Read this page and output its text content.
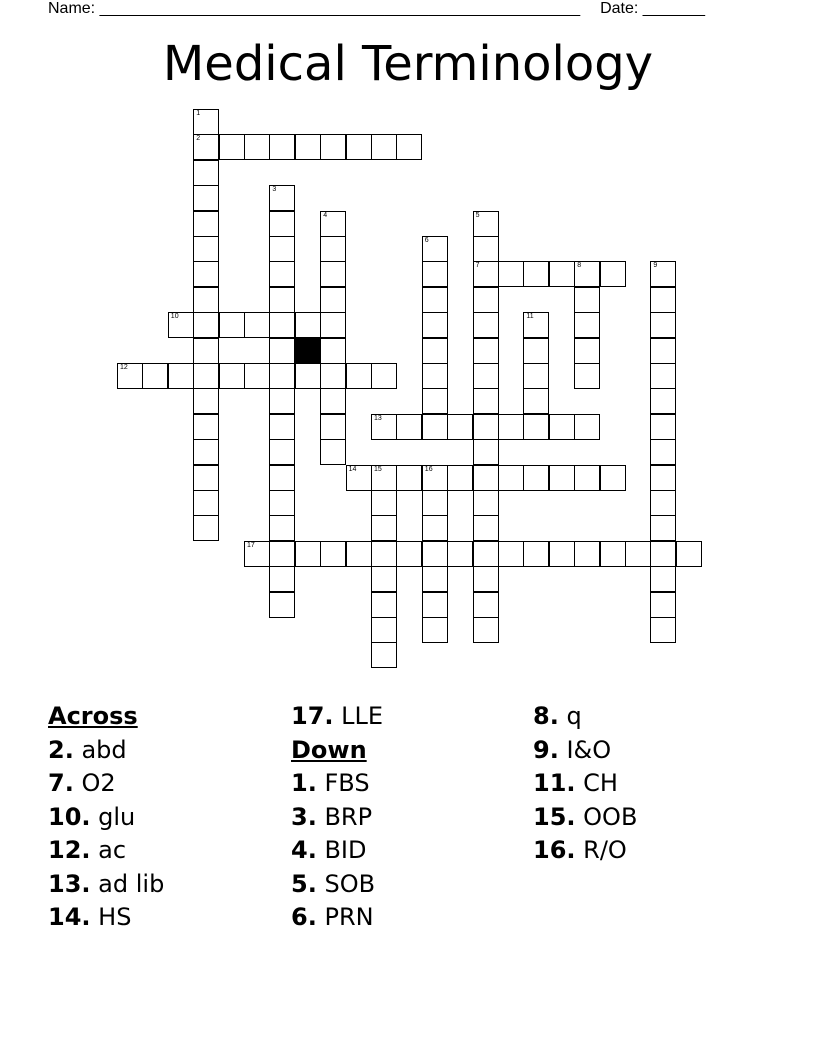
Name: ______________________________________________________ Date: _______
Medical Terminology
1
2
3
4	5
6
7	8	9
10	11
12
13
14	15	16
17
Across
2. abd
7. O2
10. glu
12. ac
13. ad lib
14. HS
17. LLE
Down
1. FBS
3. BRP
4. BID
5. SOB
6. PRN
8. q
9. I&O
11. CH
15. OOB
16. R/O
